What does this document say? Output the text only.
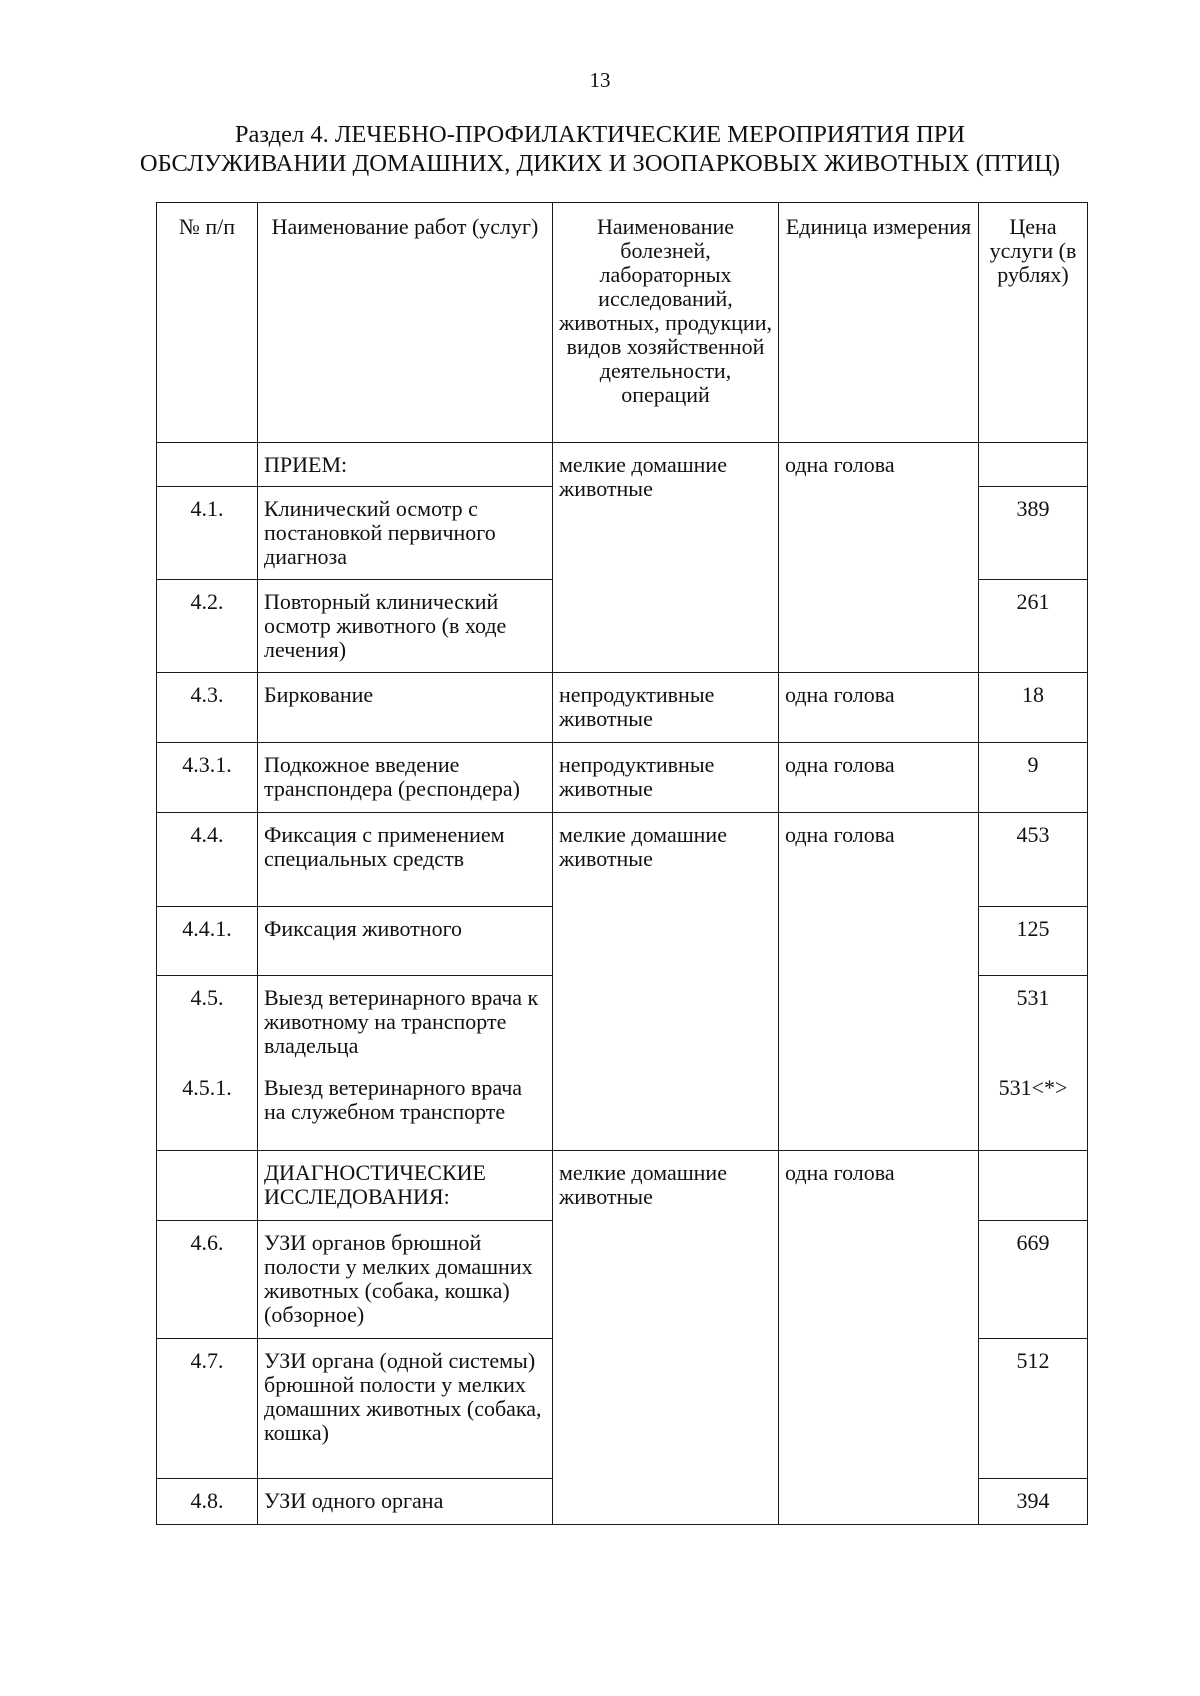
13
Раздел 4. ЛЕЧЕБНО-ПРОФИЛАКТИЧЕСКИЕ МЕРОПРИЯТИЯ ПРИ
ОБСЛУЖИВАНИИ ДОМАШНИХ, ДИКИХ И ЗООПАРКОВЫХ ЖИВОТНЫХ (ПТИЦ)
№ п/п	Наименование работ (услуг)	Наименование болезней, лабораторных исследований, животных, продукции, видов хозяйственной деятельности, операций	Единица измерения	Цена услуги (в рублях)
	ПРИЕМ:	мелкие домашние животные	одна голова	
4.1.	Клинический осмотр с постановкой первичного диагноза			389
4.2.	Повторный клинический осмотр животного (в ходе лечения)			261
4.3.	Биркование	непродуктивные животные	одна голова	18
4.3.1.	Подкожное введение транспондера (респондера)	непродуктивные животные	одна голова	9
4.4.	Фиксация с применением специальных средств	мелкие домашние животные	одна голова	453
4.4.1.	Фиксация животного			125
4.5.	Выезд ветеринарного врача к животному на транспорте владельца			531
4.5.1.	Выезд ветеринарного врача на служебном транспорте			531<*>
	ДИАГНОСТИЧЕСКИЕ ИССЛЕДОВАНИЯ:	мелкие домашние животные	одна голова	
4.6.	УЗИ органов брюшной полости у мелких домашних животных (собака, кошка) (обзорное)			669
4.7.	УЗИ органа (одной системы) брюшной полости у мелких домашних животных (собака, кошка)			512
4.8.	УЗИ одного органа			394
